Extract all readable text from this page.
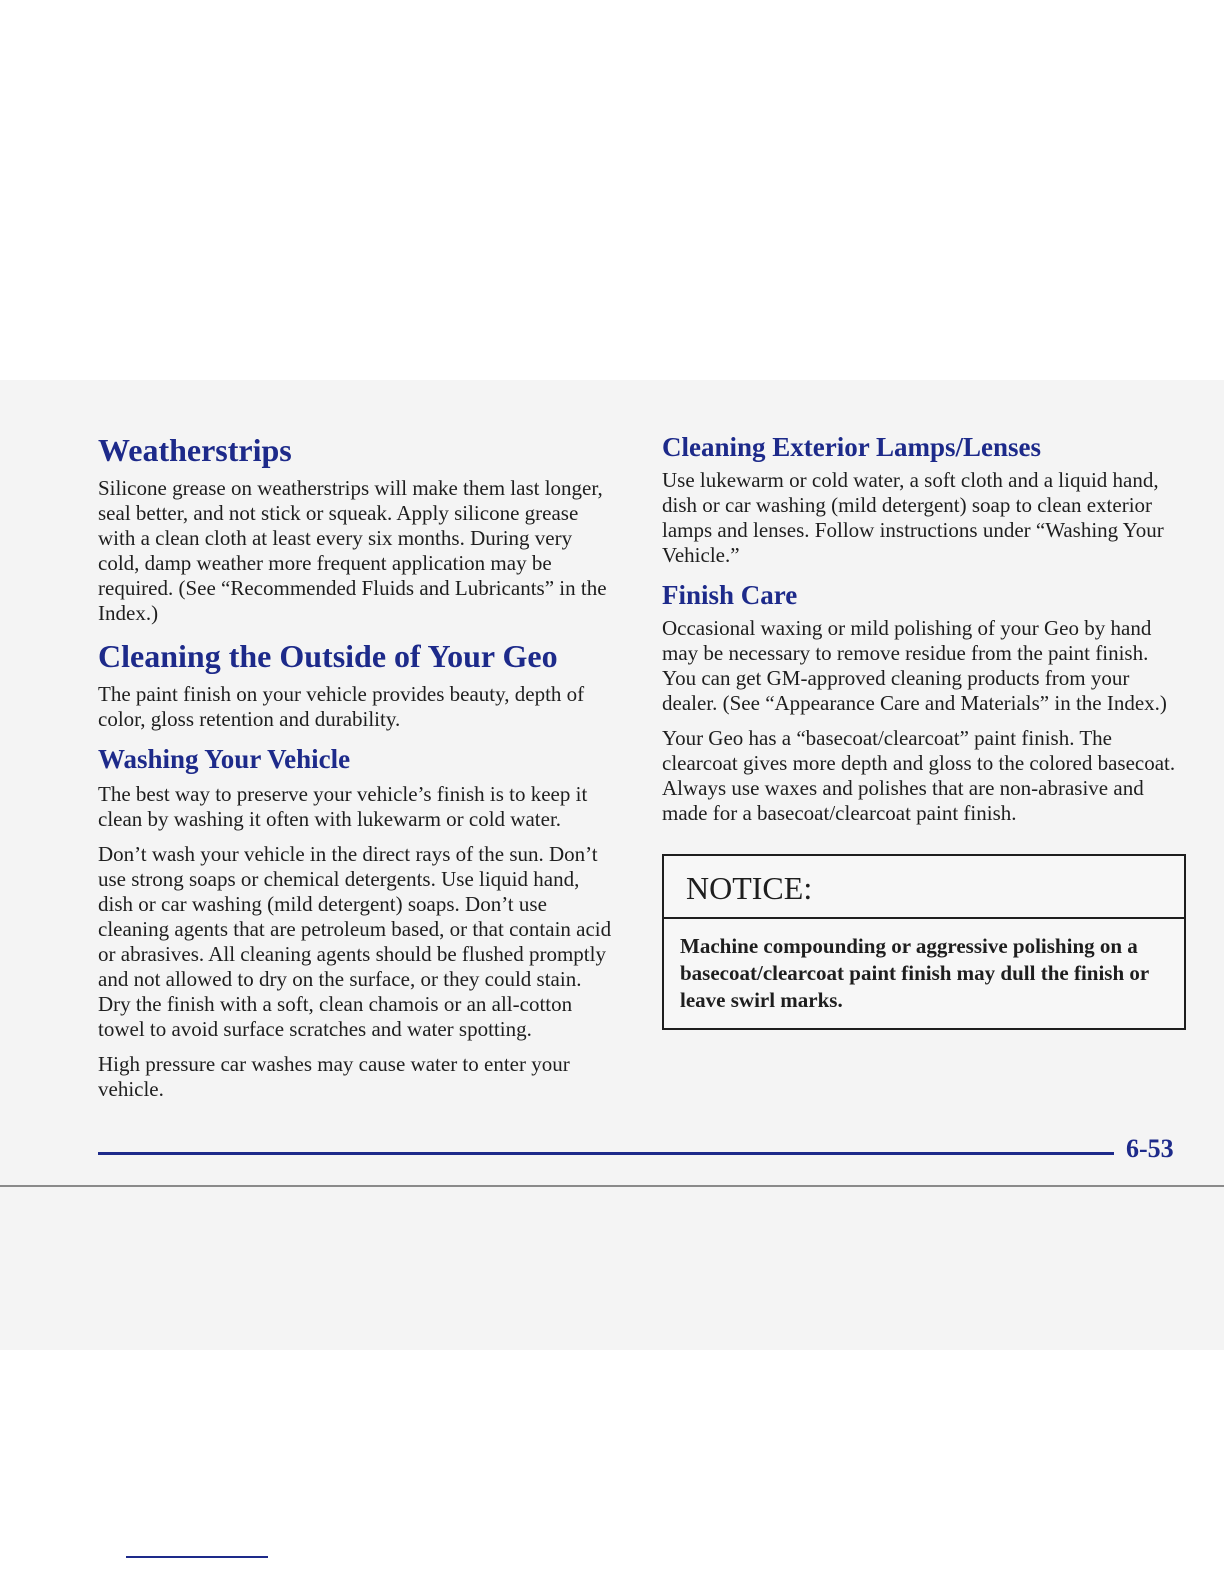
Weatherstrips

Silicone grease on weatherstrips will make them last longer, seal better, and not stick or squeak. Apply silicone grease with a clean cloth at least every six months. During very cold, damp weather more frequent application may be required. (See “Recommended Fluids and Lubricants” in the Index.)

Cleaning the Outside of Your Geo

The paint finish on your vehicle provides beauty, depth of color, gloss retention and durability.

Washing Your Vehicle

The best way to preserve your vehicle’s finish is to keep it clean by washing it often with lukewarm or cold water.

Don’t wash your vehicle in the direct rays of the sun. Don’t use strong soaps or chemical detergents. Use liquid hand, dish or car washing (mild detergent) soaps. Don’t use cleaning agents that are petroleum based, or that contain acid or abrasives. All cleaning agents should be flushed promptly and not allowed to dry on the surface, or they could stain. Dry the finish with a soft, clean chamois or an all-cotton towel to avoid surface scratches and water spotting.

High pressure car washes may cause water to enter your vehicle.

Cleaning Exterior Lamps/Lenses

Use lukewarm or cold water, a soft cloth and a liquid hand, dish or car washing (mild detergent) soap to clean exterior lamps and lenses. Follow instructions under “Washing Your Vehicle.”

Finish Care

Occasional waxing or mild polishing of your Geo by hand may be necessary to remove residue from the paint finish. You can get GM-approved cleaning products from your dealer. (See “Appearance Care and Materials” in the Index.)

Your Geo has a “basecoat/clearcoat” paint finish. The clearcoat gives more depth and gloss to the colored basecoat. Always use waxes and polishes that are non-abrasive and made for a basecoat/clearcoat paint finish.

NOTICE:
Machine compounding or aggressive polishing on a basecoat/clearcoat paint finish may dull the finish or leave swirl marks.
6-53
